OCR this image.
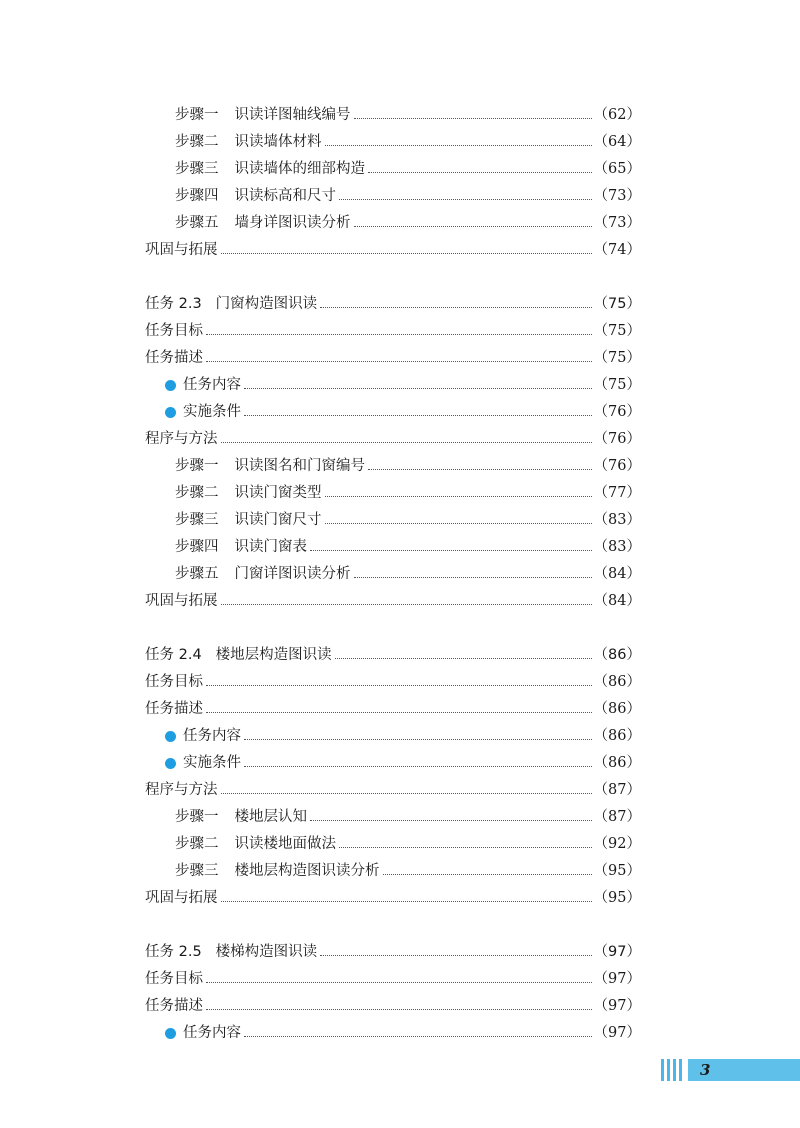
步骤一 识读详图轴线编号	（62）
步骤二 识读墙体材料	（64）
步骤三 识读墙体的细部构造	（65）
步骤四 识读标高和尺寸	（73）
步骤五 墙身详图识读分析	（73）
巩固与拓展	（74）
任务 2.3 门窗构造图识读	（75）
任务目标	（75）
任务描述	（75）
任务内容	（75）
实施条件	（76）
程序与方法	（76）
步骤一 识读图名和门窗编号	（76）
步骤二 识读门窗类型	（77）
步骤三 识读门窗尺寸	（83）
步骤四 识读门窗表	（83）
步骤五 门窗详图识读分析	（84）
巩固与拓展	（84）
任务 2.4 楼地层构造图识读	（86）
任务目标	（86）
任务描述	（86）
任务内容	（86）
实施条件	（86）
程序与方法	（87）
步骤一 楼地层认知	（87）
步骤二 识读楼地面做法	（92）
步骤三 楼地层构造图识读分析	（95）
巩固与拓展	（95）
任务 2.5 楼梯构造图识读	（97）
任务目标	（97）
任务描述	（97）
任务内容	（97）
3
